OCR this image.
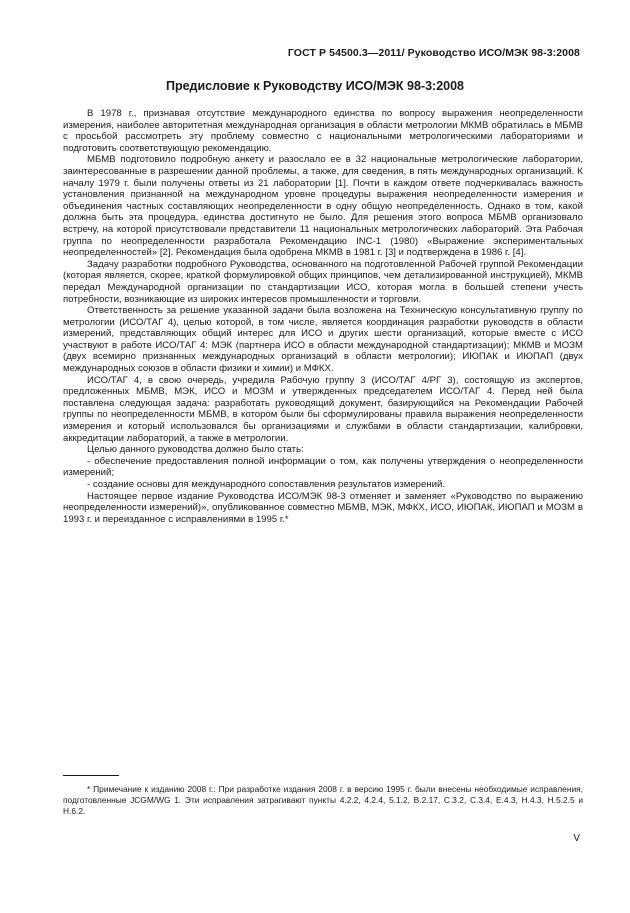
ГОСТ Р 54500.3—2011/ Руководство ИСО/МЭК 98-3:2008
Предисловие к Руководству ИСО/МЭК 98-3:2008

В 1978 г., признавая отсутствие международного единства по вопросу выражения неопределенности измерения, наиболее авторитетная международная организация в области метрологии МКМВ обратилась в МБМВ с просьбой рассмотреть эту проблему совместно с национальными метрологическими лабораториями и подготовить соответствующую рекомендацию.

МБМВ подготовило подробную анкету и разослало ее в 32 национальные метрологические лаборатории, заинтересованные в разрешении данной проблемы, а также, для сведения, в пять международных организаций. К началу 1979 г. были получены ответы из 21 лаборатории [1]. Почти в каждом ответе подчеркивалась важность установления признанной на международном уровне процедуры выражения неопределенности измерения и объединения частных составляющих неопределенности в одну общую неопределенность. Однако в том, какой должна быть эта процедура, единства достигнуто не было. Для решения этого вопроса МБМВ организовало встречу, на которой присутствовали представители 11 национальных метрологических лабораторий. Эта Рабочая группа по неопределенности разработала Рекомендацию INC-1 (1980) «Выражение экспериментальных неопределенностей» [2]. Рекомендация была одобрена МКМВ в 1981 г. [3] и подтверждена в 1986 г. [4].

Задачу разработки подробного Руководства, основанного на подготовленной Рабочей группой Рекомендации (которая является, скорее, краткой формулировкой общих принципов, чем детализированной инструкцией), МКМВ передал Международной организации по стандартизации ИСО, которая могла в большей степени учесть потребности, возникающие из широких интересов промышленности и торговли.

Ответственность за решение указанной задачи была возложена на Техническую консультативную группу по метрологии (ИСО/ТАГ 4), целью которой, в том числе, является координация разработки руководств в области измерений, представляющих общий интерес для ИСО и других шести организаций, которые вместе с ИСО участвуют в работе ИСО/ТАГ 4: МЭК (партнера ИСО в области международной стандартизации); МКМВ и МОЗМ (двух всемирно признанных международных организаций в области метрологии); ИЮПАК и ИЮПАП (двух международных союзов в области физики и химии) и МФКХ.

ИСО/ТАГ 4, в свою очередь, учредила Рабочую группу 3 (ИСО/ТАГ 4/РГ 3), состоящую из экспертов, предложенных МБМВ, МЭК, ИСО и МОЗМ и утвержденных председателем ИСО/ТАГ 4. Перед ней была поставлена следующая задача: разработать руководящий документ, базирующийся на Рекомендации Рабочей группы по неопределенности МБМВ, в котором были бы сформулированы правила выражения неопределенности измерения и который использовался бы организациями и службами в области стандартизации, калибровки, аккредитации лабораторий, а также в метрологии.

Целью данного руководства должно было стать:

- обеспечение предоставления полной информации о том, как получены утверждения о неопределенности измерений;

- создание основы для международного сопоставления результатов измерений.

Настоящее первое издание Руководства ИСО/МЭК 98-3 отменяет и заменяет «Руководство по выражению неопределенности измерений)», опубликованное совместно МБМВ, МЭК, МФКХ, ИСО, ИЮПАК, ИЮПАП и МОЗМ в 1993 г. и переизданное с исправлениями в 1995 г.*

* Примечание к изданию 2008 г.: При разработке издания 2008 г. в версию 1995 г. были внесены необходимые исправления, подготовленные JCGM/WG 1. Эти исправления затрагивают пункты 4.2.2, 4.2.4, 5.1.2, B.2.17, C.3.2, C.3.4, E.4.3, H.4.3, H.5.2.5 и H.6.2.
V
